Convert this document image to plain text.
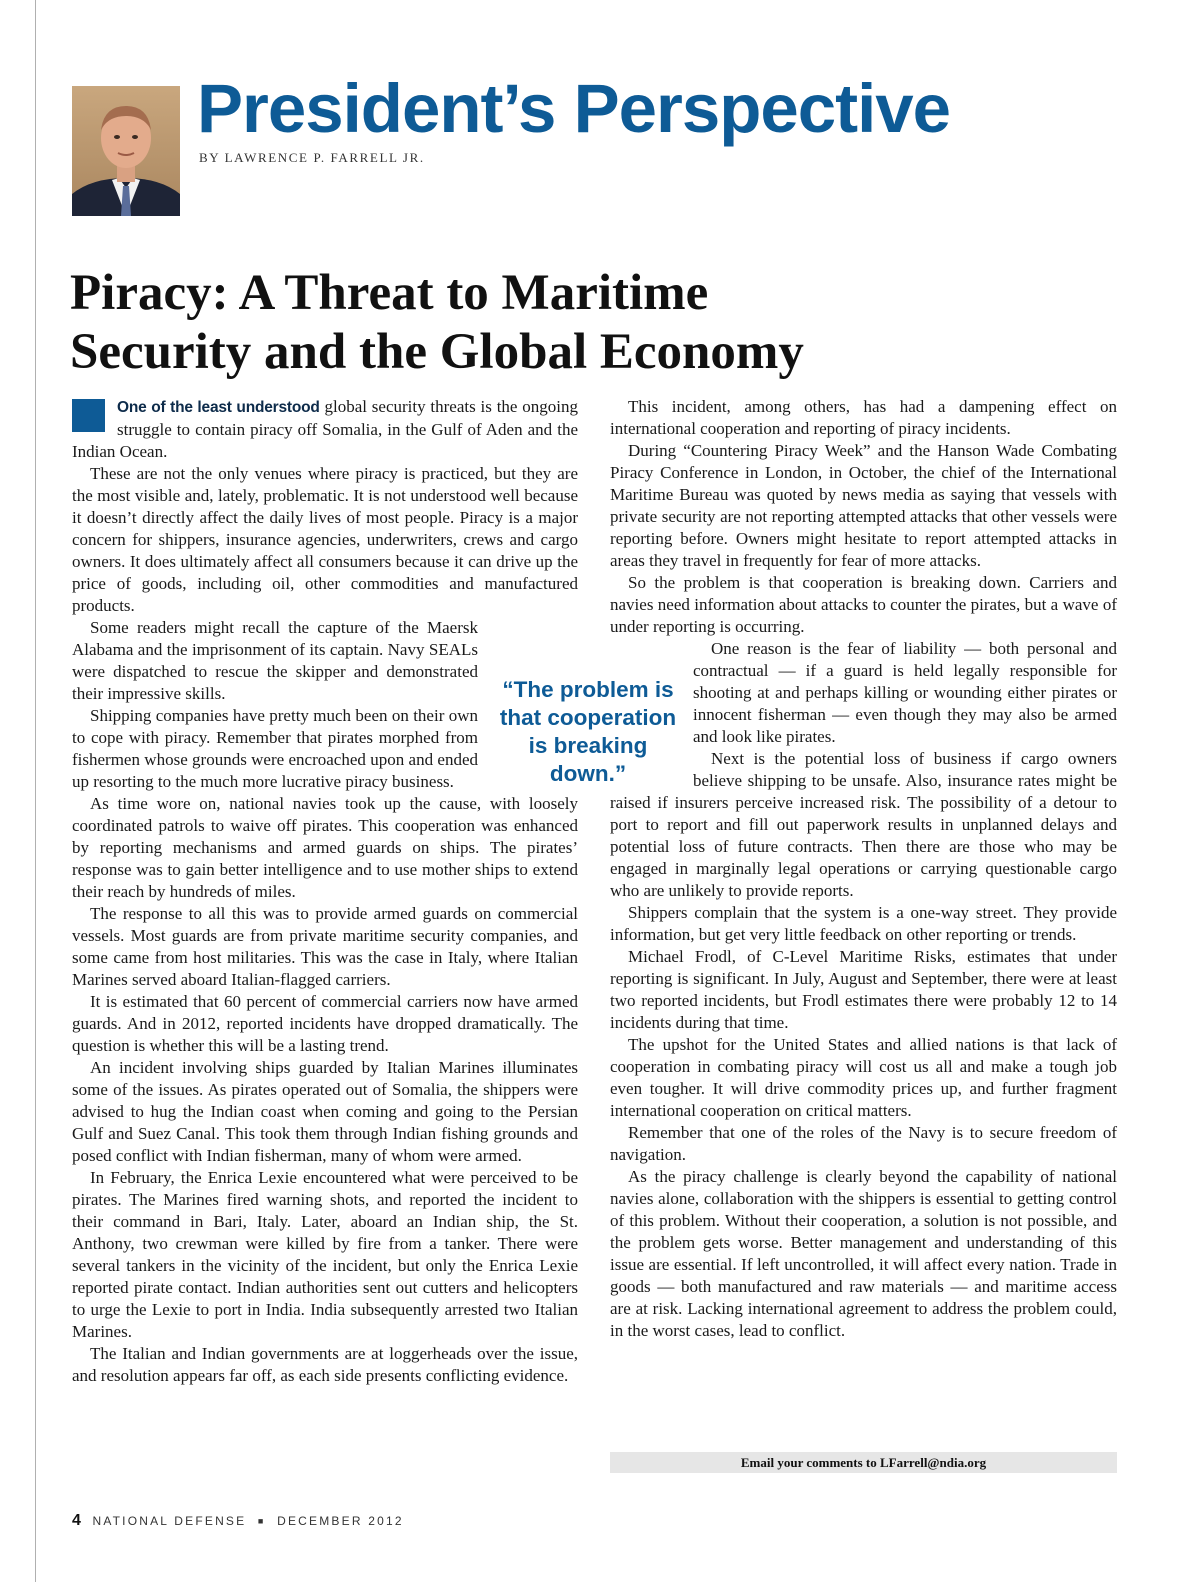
President’s Perspective
BY LAWRENCE P. FARRELL JR.
Piracy: A Threat to Maritime
Security and the Global Economy

One of the least understood global security threats is the ongoing struggle to contain piracy off Somalia, in the Gulf of Aden and the Indian Ocean.

These are not the only venues where piracy is practiced, but they are the most visible and, lately, problematic. It is not understood well because it doesn’t directly affect the daily lives of most people. Piracy is a major concern for shippers, insurance agencies, underwriters, crews and cargo owners. It does ultimately affect all consumers because it can drive up the price of goods, including oil, other commodities and manufactured products.

Some readers might recall the capture of the Maersk Alabama and the imprisonment of its captain. Navy SEALs were dispatched to rescue the skipper and demonstrated their impressive skills.

Shipping companies have pretty much been on their own to cope with piracy. Remember that pirates morphed from fishermen whose grounds were encroached upon and ended up resorting to the much more lucrative piracy business.

As time wore on, national navies took up the cause, with loosely coordinated patrols to waive off pirates. This cooperation was enhanced by reporting mechanisms and armed guards on ships. The pirates’ response was to gain better intelligence and to use mother ships to extend their reach by hundreds of miles.

The response to all this was to provide armed guards on commercial vessels. Most guards are from private maritime security companies, and some came from host militaries. This was the case in Italy, where Italian Marines served aboard Italian-flagged carriers.

It is estimated that 60 percent of commercial carriers now have armed guards. And in 2012, reported incidents have dropped dramatically. The question is whether this will be a lasting trend.

An incident involving ships guarded by Italian Marines illuminates some of the issues. As pirates operated out of Somalia, the shippers were advised to hug the Indian coast when coming and going to the Persian Gulf and Suez Canal. This took them through Indian fishing grounds and posed conflict with Indian fisherman, many of whom were armed.

In February, the Enrica Lexie encountered what were perceived to be pirates. The Marines fired warning shots, and reported the incident to their command in Bari, Italy. Later, aboard an Indian ship, the St. Anthony, two crewman were killed by fire from a tanker. There were several tankers in the vicinity of the incident, but only the Enrica Lexie reported pirate contact. Indian authorities sent out cutters and helicopters to urge the Lexie to port in India. India subsequently arrested two Italian Marines.

The Italian and Indian governments are at loggerheads over the issue, and resolution appears far off, as each side presents conflicting evidence.

“The problem is that cooperation is breaking down.”

This incident, among others, has had a dampening effect on international cooperation and reporting of piracy incidents.

During “Countering Piracy Week” and the Hanson Wade Combating Piracy Conference in London, in October, the chief of the International Maritime Bureau was quoted by news media as saying that vessels with private security are not reporting attempted attacks that other vessels were reporting before. Owners might hesitate to report attempted attacks in areas they travel in frequently for fear of more attacks.

So the problem is that cooperation is breaking down. Carriers and navies need information about attacks to counter the pirates, but a wave of under reporting is occurring.

One reason is the fear of liability — both personal and contractual — if a guard is held legally responsible for shooting at and perhaps killing or wounding either pirates or innocent fisherman — even though they may also be armed and look like pirates.

Next is the potential loss of business if cargo owners believe shipping to be unsafe. Also, insurance rates might be raised if insurers perceive increased risk. The possibility of a detour to port to report and fill out paperwork results in unplanned delays and potential loss of future contracts. Then there are those who may be engaged in marginally legal operations or carrying questionable cargo who are unlikely to provide reports.

Shippers complain that the system is a one-way street. They provide information, but get very little feedback on other reporting or trends.

Michael Frodl, of C-Level Maritime Risks, estimates that under reporting is significant. In July, August and September, there were at least two reported incidents, but Frodl estimates there were probably 12 to 14 incidents during that time.

The upshot for the United States and allied nations is that lack of cooperation in combating piracy will cost us all and make a tough job even tougher. It will drive commodity prices up, and further fragment international cooperation on critical matters.

Remember that one of the roles of the Navy is to secure freedom of navigation.

As the piracy challenge is clearly beyond the capability of national navies alone, collaboration with the shippers is essential to getting control of this problem. Without their cooperation, a solution is not possible, and the problem gets worse. Better management and understanding of this issue are essential. If left uncontrolled, it will affect every nation. Trade in goods — both manufactured and raw materials — and maritime access are at risk. Lacking international agreement to address the problem could, in the worst cases, lead to conflict.

Email your comments to LFarrell@ndia.org
4 NATIONAL DEFENSE ■ DECEMBER 2012
